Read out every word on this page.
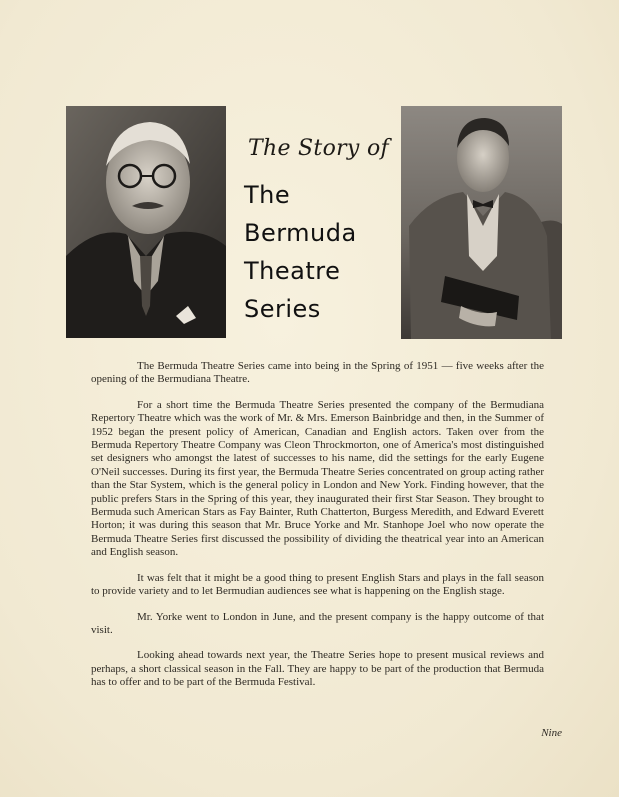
The Story of
The
Bermuda
Theatre
Series

The Bermuda Theatre Series came into being in the Spring of 1951 — five weeks after the opening of the Bermudiana Theatre.

For a short time the Bermuda Theatre Series presented the company of the Bermudiana Repertory Theatre which was the work of Mr. & Mrs. Emerson Bainbridge and then, in the Summer of 1952 began the present policy of American, Canadian and English actors. Taken over from the Bermuda Repertory Theatre Company was Cleon Throckmorton, one of America's most distinguished set designers who amongst the latest of successes to his name, did the settings for the early Eugene O'Neil successes. During its first year, the Bermuda Theatre Series concentrated on group acting rather than the Star System, which is the general policy in London and New York. Finding however, that the public prefers Stars in the Spring of this year, they inaugurated their first Star Season. They brought to Bermuda such American Stars as Fay Bainter, Ruth Chatterton, Burgess Meredith, and Edward Everett Horton; it was during this season that Mr. Bruce Yorke and Mr. Stanhope Joel who now operate the Bermuda Theatre Series first discussed the possibility of dividing the theatrical year into an American and English season.

It was felt that it might be a good thing to present English Stars and plays in the fall season to provide variety and to let Bermudian audiences see what is happening on the English stage.

Mr. Yorke went to London in June, and the present company is the happy outcome of that visit.

Looking ahead towards next year, the Theatre Series hope to present musical reviews and perhaps, a short classical season in the Fall. They are happy to be part of the production that Bermuda has to offer and to be part of the Bermuda Festival.

Nine
